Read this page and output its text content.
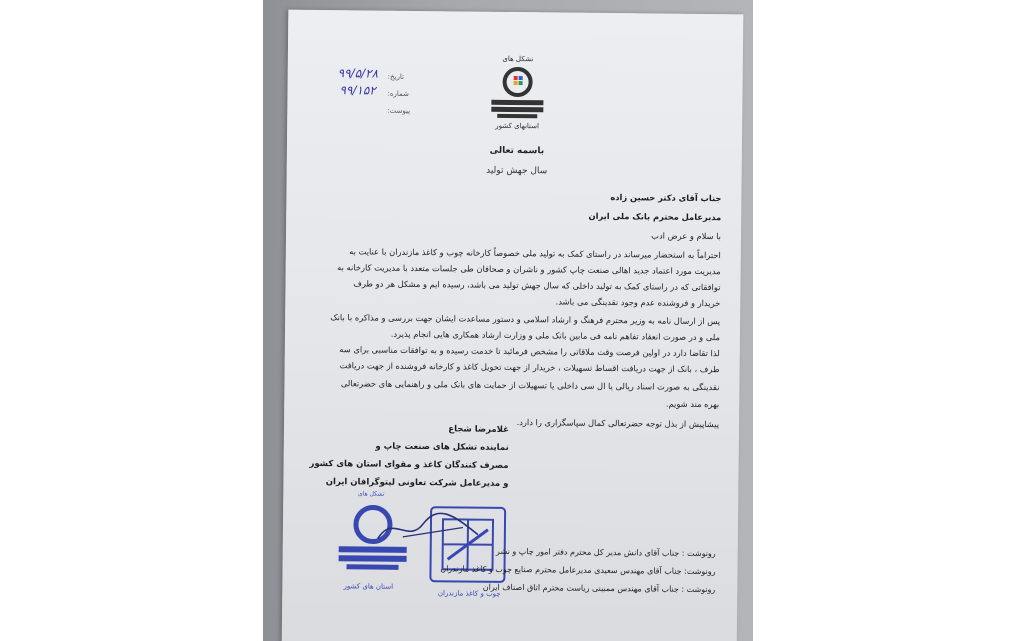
تشکل های
استانهای کشور
تاریخ:
۹۹/۵/۲۸
شماره:
۹۹/۱۵۲
پیوست:
باسمه تعالی
سال جهش تولید
جناب آقای دکتر حسین زاده
مدیرعامل محترم بانک ملی ایران
با سلام و عرض ادب
احتراماً به استحضار میرساند در راستای کمک به تولید ملی خصوصاً کارخانه چوب و کاغذ مازندران با عنایت به
مدیریت مورد اعتماد جدید اهالی صنعت چاپ کشور و ناشران و صحافان طی جلسات متعدد با مدیریت کارخانه به
توافقاتی که در راستای کمک به تولید داخلی که سال جهش تولید می باشد، رسیده ایم و مشکل هر دو طرف
خریدار و فروشنده عدم وجود نقدینگی می باشد.
پس از ارسال نامه به وزیر محترم فرهنگ و ارشاد اسلامی و دستور مساعدت ایشان جهت بررسی و مذاکره با بانک
ملی و در صورت انعقاد تفاهم نامه فی مابین بانک ملی و وزارت ارشاد همکاری هایی انجام پذیرد.
لذا تقاضا دارد در اولین فرصت وقت ملاقاتی را مشخص فرمائید تا خدمت رسیده و به توافقات مناسبی برای سه
طرف ، بانک از جهت دریافت اقساط تسهیلات ، خریدار از جهت تحویل کاغذ و کارخانه فروشنده از جهت دریافت
نقدینگی به صورت اسناد ریالی یا ال سی داخلی یا تسهیلات از حمایت های بانک ملی و راهنمایی های حضرتعالی
بهره مند شویم.
پیشاپیش از بذل توجه حضرتعالی کمال سپاسگزاری را دارد.
غلامرضا شجاع
نماینده تشکل های صنعت چاپ و
مصرف کنندگان کاغذ و مقوای استان های کشور
و مدیرعامل شرکت تعاونی لیتوگرافان ایران
تشکل های
استان های کشور
چوب و کاغذ مازندران
رونوشت : جناب آقای دانش مدیر کل محترم دفتر امور چاپ و نشر
رونوشت: جناب آقای مهندس سعیدی مدیرعامل محترم صنایع چوب و کاغذ مازندران
رونوشت : جناب آقای مهندس ممبینی ریاست محترم اتاق اصناف ایران
